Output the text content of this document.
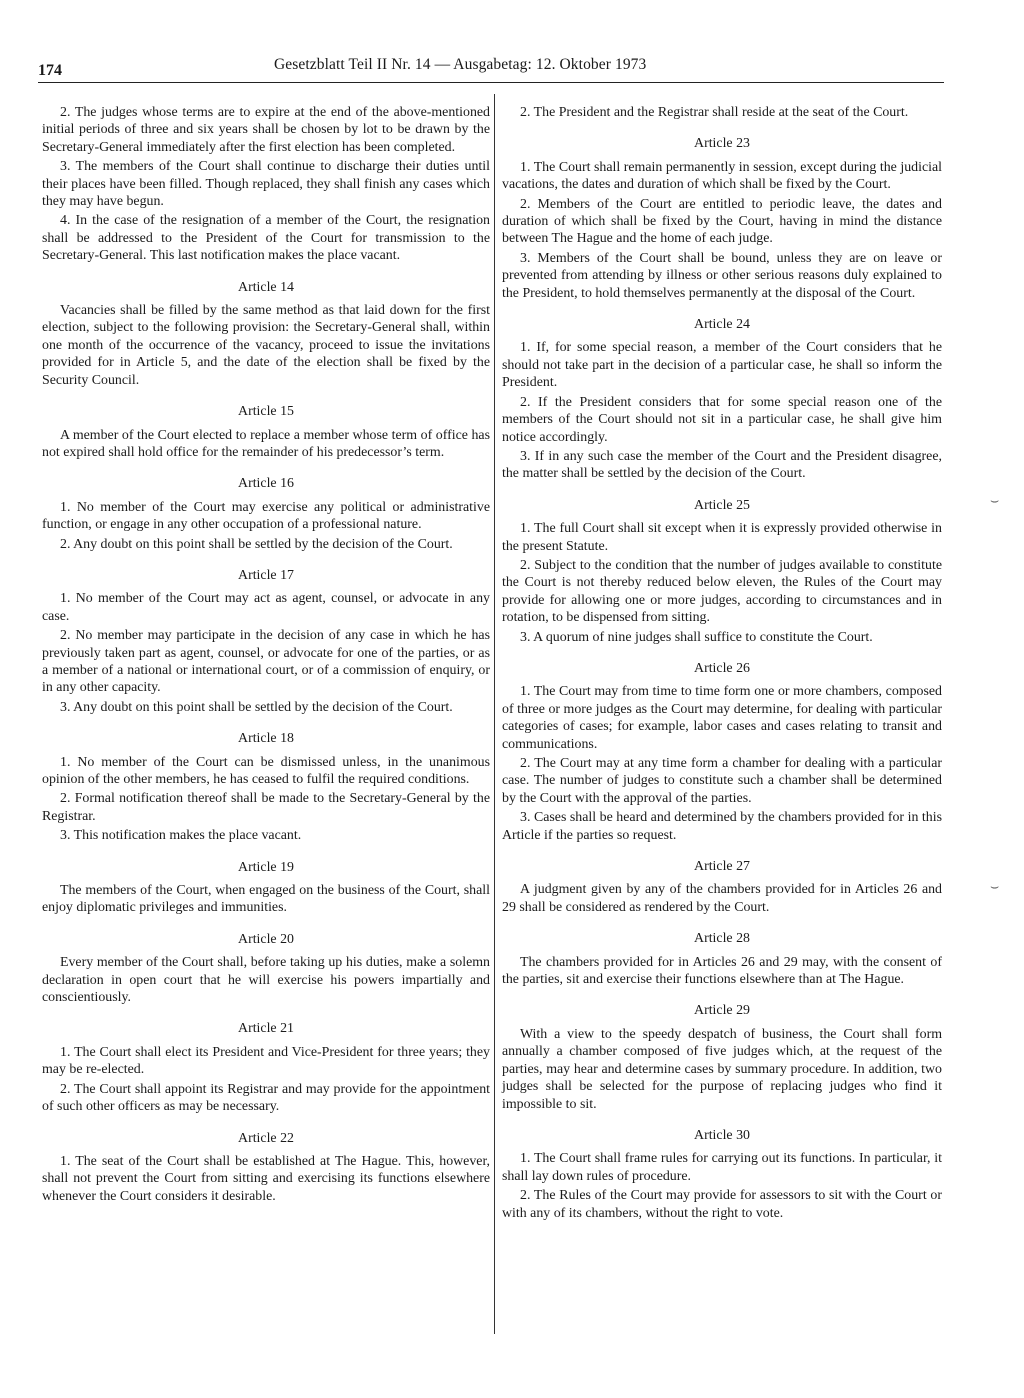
174	Gesetzblatt Teil II Nr. 14 — Ausgabetag: 12. Oktober 1973

2. The judges whose terms are to expire at the end of the above-mentioned initial periods of three and six years shall be chosen by lot to be drawn by the Secretary-General immediately after the first election has been completed.

3. The members of the Court shall continue to discharge their duties until their places have been filled. Though replaced, they shall finish any cases which they may have begun.

4. In the case of the resignation of a member of the Court, the resignation shall be addressed to the President of the Court for transmission to the Secretary-General. This last notification makes the place vacant.

Article 14

Vacancies shall be filled by the same method as that laid down for the first election, subject to the following provision: the Secretary-General shall, within one month of the occurrence of the vacancy, proceed to issue the invitations provided for in Article 5, and the date of the election shall be fixed by the Security Council.

Article 15

A member of the Court elected to replace a member whose term of office has not expired shall hold office for the remainder of his predecessor’s term.

Article 16

1. No member of the Court may exercise any political or administrative function, or engage in any other occupation of a professional nature.

2. Any doubt on this point shall be settled by the decision of the Court.

Article 17

1. No member of the Court may act as agent, counsel, or advocate in any case.

2. No member may participate in the decision of any case in which he has previously taken part as agent, counsel, or advocate for one of the parties, or as a member of a national or international court, or of a commission of enquiry, or in any other capacity.

3. Any doubt on this point shall be settled by the decision of the Court.

Article 18

1. No member of the Court can be dismissed unless, in the unanimous opinion of the other members, he has ceased to fulfil the required conditions.

2. Formal notification thereof shall be made to the Secretary-General by the Registrar.

3. This notification makes the place vacant.

Article 19

The members of the Court, when engaged on the business of the Court, shall enjoy diplomatic privileges and immunities.

Article 20

Every member of the Court shall, before taking up his duties, make a solemn declaration in open court that he will exercise his powers impartially and conscientiously.

Article 21

1. The Court shall elect its President and Vice-President for three years; they may be re-elected.

2. The Court shall appoint its Registrar and may provide for the appointment of such other officers as may be necessary.

Article 22

1. The seat of the Court shall be established at The Hague. This, however, shall not prevent the Court from sitting and exercising its functions elsewhere whenever the Court considers it desirable.

2. The President and the Registrar shall reside at the seat of the Court.

Article 23

1. The Court shall remain permanently in session, except during the judicial vacations, the dates and duration of which shall be fixed by the Court.

2. Members of the Court are entitled to periodic leave, the dates and duration of which shall be fixed by the Court, having in mind the distance between The Hague and the home of each judge.

3. Members of the Court shall be bound, unless they are on leave or prevented from attending by illness or other serious reasons duly explained to the President, to hold themselves permanently at the disposal of the Court.

Article 24

1. If, for some special reason, a member of the Court considers that he should not take part in the decision of a particular case, he shall so inform the President.

2. If the President considers that for some special reason one of the members of the Court should not sit in a particular case, he shall give him notice accordingly.

3. If in any such case the member of the Court and the President disagree, the matter shall be settled by the decision of the Court.

Article 25

1. The full Court shall sit except when it is expressly provided otherwise in the present Statute.

2. Subject to the condition that the number of judges available to constitute the Court is not thereby reduced below eleven, the Rules of the Court may provide for allowing one or more judges, according to circumstances and in rotation, to be dispensed from sitting.

3. A quorum of nine judges shall suffice to constitute the Court.

Article 26

1. The Court may from time to time form one or more chambers, composed of three or more judges as the Court may determine, for dealing with particular categories of cases; for example, labor cases and cases relating to transit and communications.

2. The Court may at any time form a chamber for dealing with a particular case. The number of judges to constitute such a chamber shall be determined by the Court with the approval of the parties.

3. Cases shall be heard and determined by the chambers provided for in this Article if the parties so request.

Article 27

A judgment given by any of the chambers provided for in Articles 26 and 29 shall be considered as rendered by the Court.

Article 28

The chambers provided for in Articles 26 and 29 may, with the consent of the parties, sit and exercise their functions elsewhere than at The Hague.

Article 29

With a view to the speedy despatch of business, the Court shall form annually a chamber composed of five judges which, at the request of the parties, may hear and determine cases by summary procedure. In addition, two judges shall be selected for the purpose of replacing judges who find it impossible to sit.

Article 30

1. The Court shall frame rules for carrying out its functions. In particular, it shall lay down rules of procedure.

2. The Rules of the Court may provide for assessors to sit with the Court or with any of its chambers, without the right to vote.

⌣
⌣
